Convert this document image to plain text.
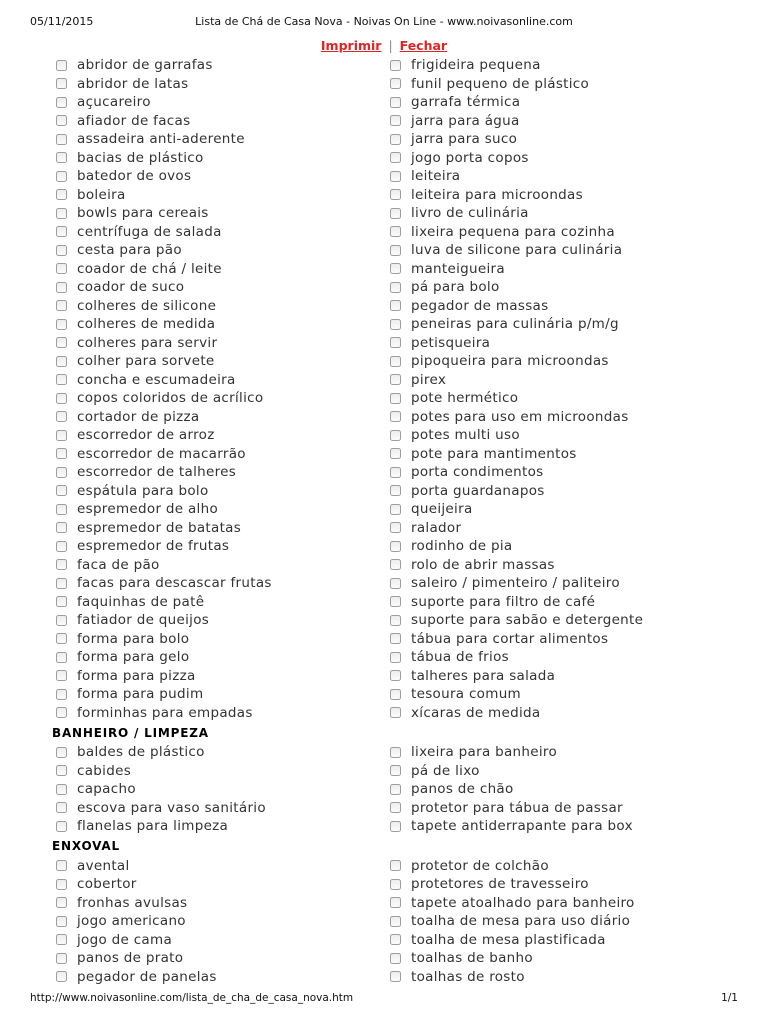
05/11/2015	Lista de Chá de Casa Nova - Noivas On Line - www.noivasonline.com
Imprimir | Fechar
abridor de garrafas
abridor de latas
açucareiro
afiador de facas
assadeira anti-aderente
bacias de plástico
batedor de ovos
boleira
bowls para cereais
centrífuga de salada
cesta para pão
coador de chá / leite
coador de suco
colheres de silicone
colheres de medida
colheres para servir
colher para sorvete
concha e escumadeira
copos coloridos de acrílico
cortador de pizza
escorredor de arroz
escorredor de macarrão
escorredor de talheres
espátula para bolo
espremedor de alho
espremedor de batatas
espremedor de frutas
faca de pão
facas para descascar frutas
faquinhas de patê
fatiador de queijos
forma para bolo
forma para gelo
forma para pizza
forma para pudim
forminhas para empadas
BANHEIRO / LIMPEZA
baldes de plástico
cabides
capacho
escova para vaso sanitário
flanelas para limpeza
ENXOVAL
avental
cobertor
fronhas avulsas
jogo americano
jogo de cama
panos de prato
pegador de panelas
frigideira pequena
funil pequeno de plástico
garrafa térmica
jarra para água
jarra para suco
jogo porta copos
leiteira
leiteira para microondas
livro de culinária
lixeira pequena para cozinha
luva de silicone para culinária
manteigueira
pá para bolo
pegador de massas
peneiras para culinária p/m/g
petisqueira
pipoqueira para microondas
pirex
pote hermético
potes para uso em microondas
potes multi uso
pote para mantimentos
porta condimentos
porta guardanapos
queijeira
ralador
rodinho de pia
rolo de abrir massas
saleiro / pimenteiro / paliteiro
suporte para filtro de café
suporte para sabão e detergente
tábua para cortar alimentos
tábua de frios
talheres para salada
tesoura comum
xícaras de medida

lixeira para banheiro
pá de lixo
panos de chão
protetor para tábua de passar
tapete antiderrapante para box

protetor de colchão
protetores de travesseiro
tapete atoalhado para banheiro
toalha de mesa para uso diário
toalha de mesa plastificada
toalhas de banho
toalhas de rosto
http://www.noivasonline.com/lista_de_cha_de_casa_nova.htm	1/1
